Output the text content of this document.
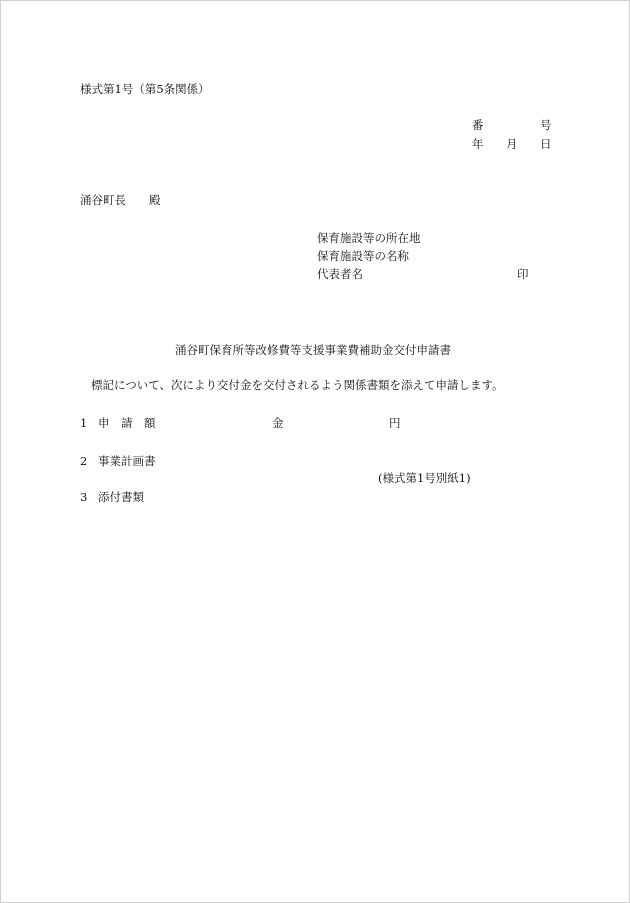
様式第1号（第5条関係）
番	号
年 月 日
涌谷町長 殿
保育施設等の所在地
保育施設等の名称
代表者名	印
涌谷町保育所等改修費等支援事業費補助金交付申請書
標記について、次により交付金を交付されるよう関係書類を添えて申請します。
1 申　請　額	金	円
2 事業計画書
(様式第1号別紙1)
3 添付書類
